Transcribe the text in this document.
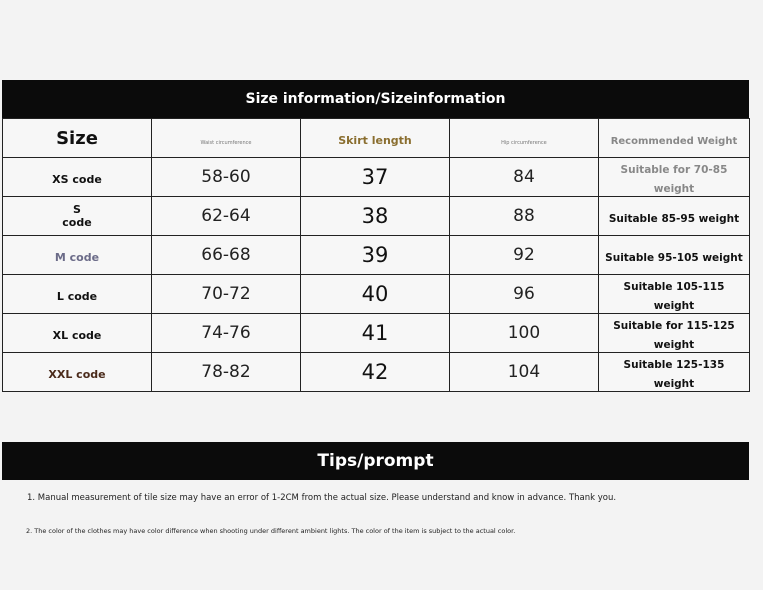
Size information/Sizeinformation
Size	Waist circumference	Skirt length	Hip circumference	Recommended Weight
XS code	58-60	37	84	Suitable for 70-85 weight
S code	62-64	38	88	Suitable 85-95 weight
M code	66-68	39	92	Suitable 95-105 weight
L code	70-72	40	96	Suitable 105-115 weight
XL code	74-76	41	100	Suitable for 115-125 weight
XXL code	78-82	42	104	Suitable 125-135 weight
Tips/prompt
1. Manual measurement of tile size may have an error of 1-2CM from the actual size. Please understand and know in advance. Thank you.
2. The color of the clothes may have color difference when shooting under different ambient lights. The color of the item is subject to the actual color.
